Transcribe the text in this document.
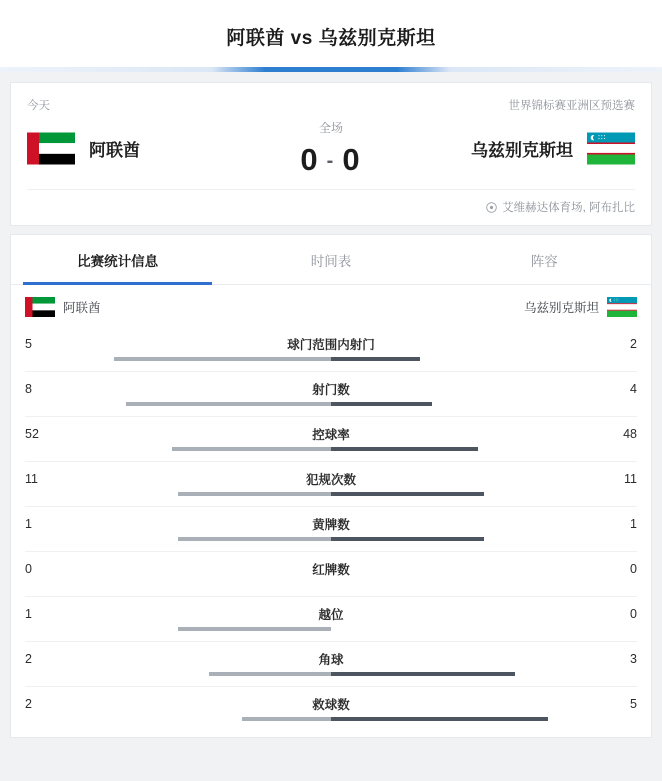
阿联酋 vs 乌兹别克斯坦
今天	世界锦标赛亚洲区预选赛
阿联酋
全场
0 - 0	乌兹别克斯坦
艾维赫达体育场, 阿布扎比
比赛统计信息	时间表	阵容
阿联酋	乌兹别克斯坦
5	球门范围内射门	2
8	射门数	4
52	控球率	48
11	犯规次数	11
1	黄牌数	1
0	红牌数	0
1	越位	0
2	角球	3
2	救球数	5
